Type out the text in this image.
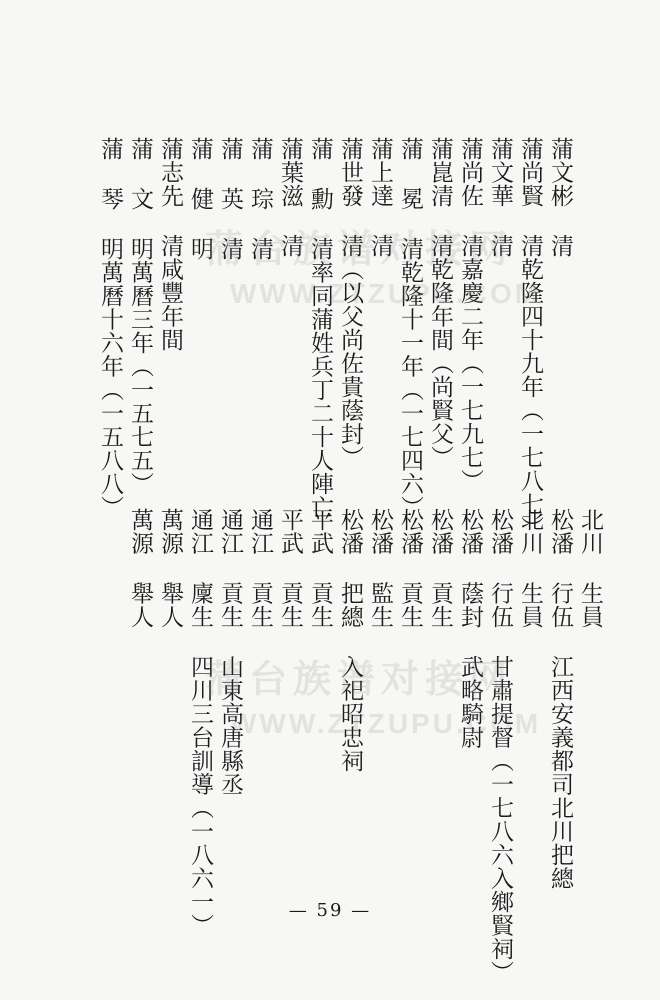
蒲文彬 清
蒲尚賢 清乾隆四十九年（一七八七）
蒲文華 清
蒲尚佐 清嘉慶二年（一七九七）
蒲崑清 清乾隆年間（尚賢父）
蒲 冕 清乾隆十一年（一七四六）
蒲上達 清
蒲世發 清（以父尚佐貴蔭封）
蒲 勳 清率同蒲姓兵丁二十人陣亡
蒲葉滋 清
蒲 琮 清
蒲 英 清
蒲 健 明
蒲志先 清咸豐年間
蒲 文 明萬曆三年（一五七五）
北川 生員
松潘 行伍 江西安義都司北川把總
北川 生員
松潘 行伍 甘肅提督（一七八六入鄉賢祠）
松潘 蔭封 武略騎尉
松潘 貢生
松潘 貢生
松潘 監生
松潘 把總 入祀昭忠祠
平武 貢生
平武 貢生
通江 貢生
通江 貢生 山東高唐縣丞
通江 廩生 四川三台訓導（一八六一）
萬源 舉人
萬源 舉人
蒲台族谱对接网
WWW.ZTZUPU.COM
蒲台族谱对接网
WWW.ZTZUPU.COM
— 59 —
蒲 琴 明萬曆十六年（一五八八）
